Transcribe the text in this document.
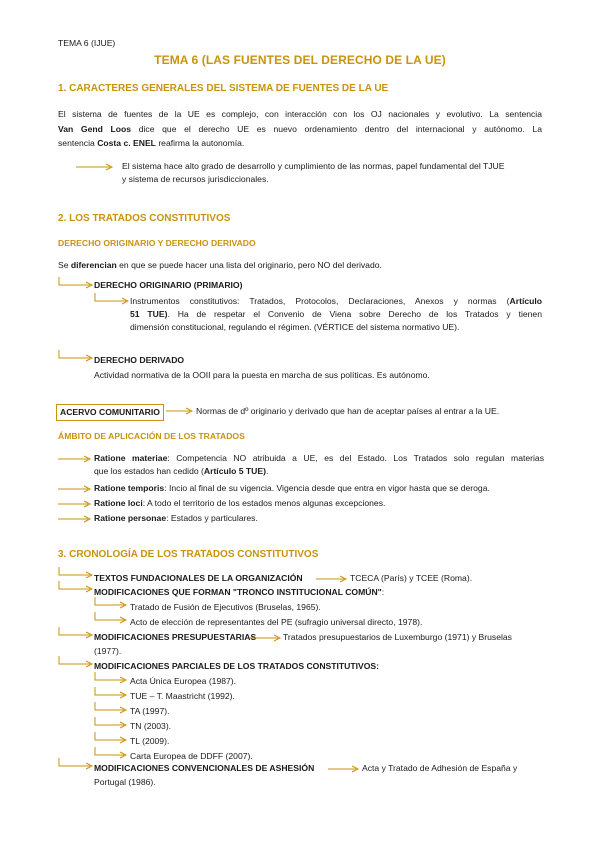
TEMA 6 (IJUE)
TEMA 6 (LAS FUENTES DEL DERECHO DE LA UE)
1. CARACTERES GENERALES DEL SISTEMA DE FUENTES DE LA UE
El sistema de fuentes de la UE es complejo, con interacción con los OJ nacionales y evolutivo. La sentencia
Van Gend Loos dice que el derecho UE es nuevo ordenamiento dentro del internacional y autónomo. La
sentencia Costa c. ENEL reafirma la autonomía.
El sistema hace alto grado de desarrollo y cumplimiento de las normas, papel fundamental del TJUE
y sistema de recursos jurisdiccionales.
2. LOS TRATADOS CONSTITUTIVOS
DERECHO ORIGINARIO Y DERECHO DERIVADO
Se diferencian en que se puede hacer una lista del originario, pero NO del derivado.
DERECHO ORIGINARIO (PRIMARIO)
Instrumentos constitutivos: Tratados, Protocolos, Declaraciones, Anexos y normas (Artículo
51 TUE). Ha de respetar el Convenio de Viena sobre Derecho de los Tratados y tienen
dimensión constitucional, regulando el régimen. (VÉRTICE del sistema normativo UE).
DERECHO DERIVADO
Actividad normativa de la OOII para la puesta en marcha de sus políticas. Es autónomo.
ACERVO COMUNITARIO	Normas de dº originario y derivado que han de aceptar países al entrar a la UE.
ÁMBITO DE APLICACIÓN DE LOS TRATADOS
Ratione materiae: Competencia NO atribuida a UE, es del Estado. Los Tratados solo regulan materias
que los estados han cedido (Artículo 5 TUE).
Ratione temporis: Incio al final de su vigencia. Vigencia desde que entra en vigor hasta que se deroga.
Ratione loci: A todo el territorio de los estados menos algunas excepciones.
Ratione personae: Estados y particulares.
3. CRONOLOGÍA DE LOS TRATADOS CONSTITUTIVOS
TEXTOS FUNDACIONALES DE LA ORGANIZACIÓN	TCECA (París) y TCEE (Roma).
MODIFICACIONES QUE FORMAN "TRONCO INSTITUCIONAL COMÚN":
Tratado de Fusión de Ejecutivos (Bruselas, 1965).
Acto de elección de representantes del PE (sufragio universal directo, 1978).
MODIFICACIONES PRESUPUESTARIAS	Tratados presupuestarios de Luxemburgo (1971) y Bruselas
(1977).
MODIFICACIONES PARCIALES DE LOS TRATADOS CONSTITUTIVOS:
Acta Única Europea (1987).
TUE – T. Maastricht (1992).
TA (1997).
TN (2003).
TL (2009).
Carta Europea de DDFF (2007).
MODIFICACIONES CONVENCIONALES DE ASHESIÓN	Acta y Tratado de Adhesión de España y
Portugal (1986).
